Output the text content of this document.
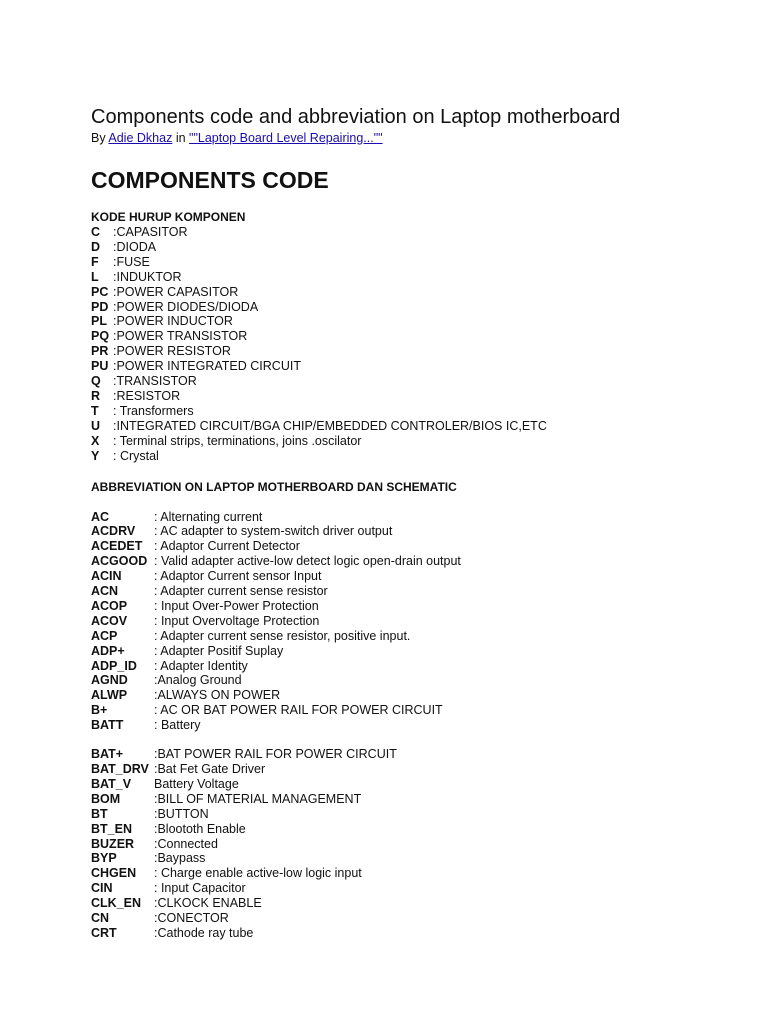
Components code and abbreviation on Laptop motherboard
By Adie Dkhaz in ""Laptop Board Level Repairing...""
COMPONENTS CODE
KODE HURUP KOMPONEN
C	:CAPASITOR
D	:DIODA
F	:FUSE
L	:INDUKTOR
PC :POWER CAPASITOR
PD :POWER DIODES/DIODA
PL :POWER INDUCTOR
PQ :POWER TRANSISTOR
PR :POWER RESISTOR
PU :POWER INTEGRATED CIRCUIT
Q :TRANSISTOR
R	:RESISTOR
T	: Transformers
U	:INTEGRATED CIRCUIT/BGA CHIP/EMBEDDED CONTROLER/BIOS IC,ETC
X	: Terminal strips, terminations, joins .oscilator
Y	: Crystal
ABBREVIATION ON LAPTOP MOTHERBOARD DAN SCHEMATIC
AC	: Alternating current
ACDRV	: AC adapter to system-switch driver output
ACEDET : Adaptor Current Detector
ACGOOD : Valid adapter active-low detect logic open-drain output
ACIN	: Adaptor Current sensor Input
ACN	: Adapter current sense resistor
ACOP	: Input Over-Power Protection
ACOV	: Input Overvoltage Protection
ACP	: Adapter current sense resistor, positive input.
ADP+	: Adapter Positif Suplay
ADP_ID	: Adapter Identity
AGND	:Analog Ground
ALWP	:ALWAYS ON POWER
B+	: AC OR BAT POWER RAIL FOR POWER CIRCUIT
BATT	: Battery
BAT+	:BAT POWER RAIL FOR POWER CIRCUIT
BAT_DRV :Bat Fet Gate Driver
BAT_V	Battery Voltage
BOM	:BILL OF MATERIAL MANAGEMENT
BT	:BUTTON
BT_EN	:Bloototh Enable
BUZER	:Connected
BYP	:Baypass
CHGEN	: Charge enable active-low logic input
CIN	: Input Capacitor
CLK_EN	:CLKOCK ENABLE
CN	:CONECTOR
CRT	:Cathode ray tube
